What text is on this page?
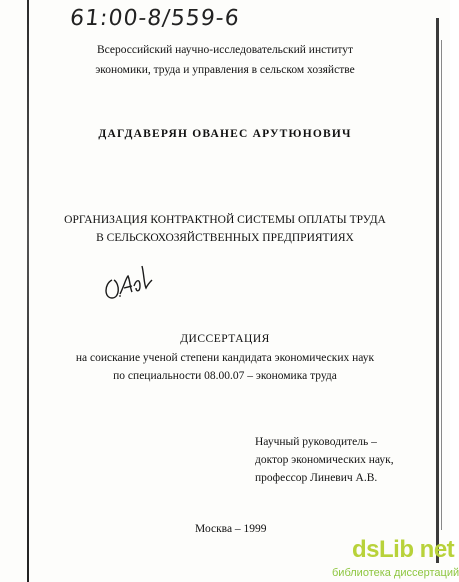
61:00-8/559-6
Всероссийский научно-исследовательский институт
экономики, труда и управления в сельском хозяйстве
ДАГДАВЕРЯН ОВАНЕС АРУТЮНОВИЧ
ОРГАНИЗАЦИЯ КОНТРАКТНОЙ СИСТЕМЫ ОПЛАТЫ ТРУДА
В СЕЛЬСКОХОЗЯЙСТВЕННЫХ ПРЕДПРИЯТИЯХ
ДИССЕРТАЦИЯ
на соискание ученой степени кандидата экономических наук
по специальности 08.00.07 – экономика труда
Научный руководитель –
доктор экономических наук,
профессор Линевич А.В.
Москва – 1999
dsLib.net
библиотека диссертаций
